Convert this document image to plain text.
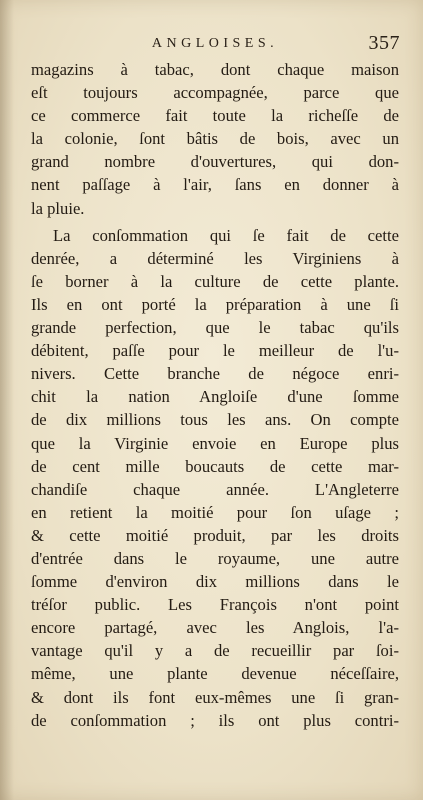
ANGLOISES.	357
magazins à tabac, dont chaque maison
eſt toujours accompagnée, parce que
ce commerce fait toute la richeſſe de
la colonie, ſont bâtis de bois, avec un
grand nombre d'ouvertures, qui don-
nent paſſage à l'air, ſans en donner à
la pluie.
La conſommation qui ſe fait de cette
denrée, a déterminé les Virginiens à
ſe borner à la culture de cette plante.
Ils en ont porté la préparation à une ſi
grande perfection, que le tabac qu'ils
débitent, paſſe pour le meilleur de l'u-
nivers. Cette branche de négoce enri-
chit la nation Angloiſe d'une ſomme
de dix millions tous les ans. On compte
que la Virginie envoie en Europe plus
de cent mille boucauts de cette mar-
chandiſe chaque année. L'Angleterre
en retient la moitié pour ſon uſage ;
& cette moitié produit, par les droits
d'entrée dans le royaume, une autre
ſomme d'environ dix millions dans le
tréſor public. Les François n'ont point
encore partagé, avec les Anglois, l'a-
vantage qu'il y a de recueillir par ſoi-
même, une plante devenue néceſſaire,
& dont ils font eux-mêmes une ſi gran-
de conſommation ; ils ont plus contri-
